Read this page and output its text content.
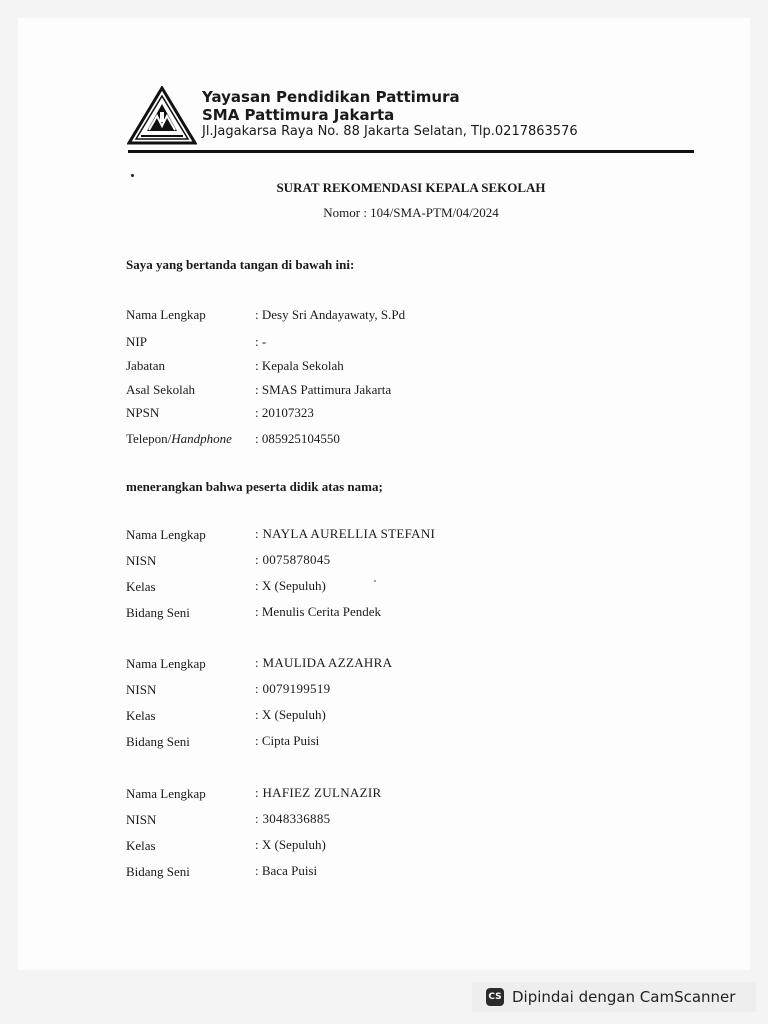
Yayasan Pendidikan Pattimura
SMA Pattimura Jakarta
Jl.Jagakarsa Raya No. 88 Jakarta Selatan, Tlp.0217863576
SURAT REKOMENDASI KEPALA SEKOLAH
Nomor : 104/SMA-PTM/04/2024
Saya yang bertanda tangan di bawah ini:
Nama Lengkap	: Desy Sri Andayawaty, S.Pd
NIP	: -
Jabatan	: Kepala Sekolah
Asal Sekolah	: SMAS Pattimura Jakarta
NPSN	: 20107323
Telepon/Handphone : 085925104550
menerangkan bahwa peserta didik atas nama;
Nama Lengkap	: NAYLA AURELLIA STEFANI
NISN	: 0075878045
Kelas	: X (Sepuluh)
Bidang Seni	: Menulis Cerita Pendek
Nama Lengkap	: MAULIDA AZZAHRA
NISN	: 0079199519
Kelas	: X (Sepuluh)
Bidang Seni	: Cipta Puisi
Nama Lengkap	: HAFIEZ ZULNAZIR
NISN	: 3048336885
Kelas	: X (Sepuluh)
Bidang Seni	: Baca Puisi
CS Dipindai dengan CamScanner
